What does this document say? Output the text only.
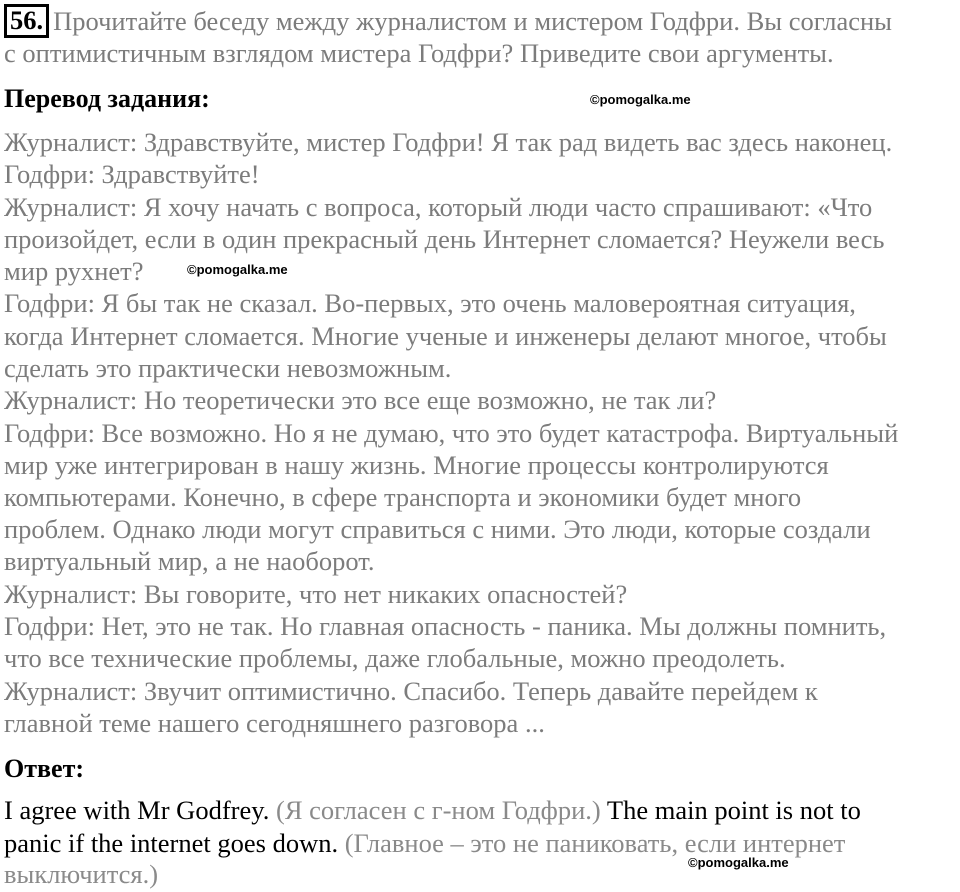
56. Прочитайте беседу между журналистом и мистером Годфри. Вы согласны
с оптимистичным взглядом мистера Годфри? Приведите свои аргументы.
Перевод задания:	©pomogalka.me
Журналист: Здравствуйте, мистер Годфри! Я так рад видеть вас здесь наконец.
Годфри: Здравствуйте!
Журналист: Я хочу начать с вопроса, который люди часто спрашивают: «Что
произойдет, если в один прекрасный день Интернет сломается? Неужели весь
мир рухнет?	©pomogalka.me
Годфри: Я бы так не сказал. Во-первых, это очень маловероятная ситуация,
когда Интернет сломается. Многие ученые и инженеры делают многое, чтобы
сделать это практически невозможным.
Журналист: Но теоретически это все еще возможно, не так ли?
Годфри: Все возможно. Но я не думаю, что это будет катастрофа. Виртуальный
мир уже интегрирован в нашу жизнь. Многие процессы контролируются
компьютерами. Конечно, в сфере транспорта и экономики будет много
проблем. Однако люди могут справиться с ними. Это люди, которые создали
виртуальный мир, а не наоборот.
Журналист: Вы говорите, что нет никаких опасностей?
Годфри: Нет, это не так. Но главная опасность - паника. Мы должны помнить,
что все технические проблемы, даже глобальные, можно преодолеть.
Журналист: Звучит оптимистично. Спасибо. Теперь давайте перейдем к
главной теме нашего сегодняшнего разговора ...
Ответ:
I agree with Mr Godfrey. (Я согласен с г-ном Годфри.) The main point is not to
panic if the internet goes down. (Главное – это не паниковать, если интернет
©pomogalka.me
выключится.)
